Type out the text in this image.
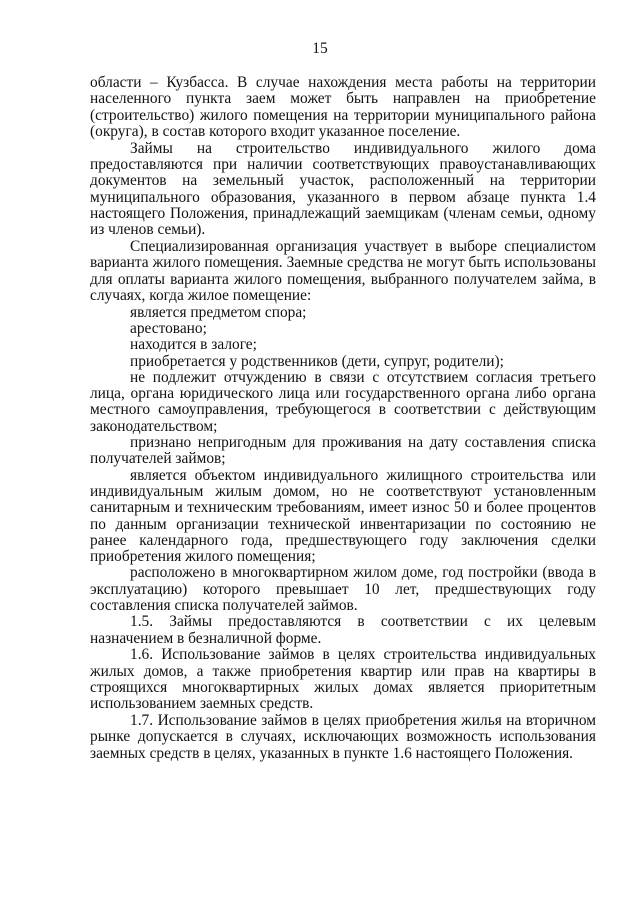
15

области – Кузбасса. В случае нахождения места работы на территории населенного пункта заем может быть направлен на приобретение (строительство) жилого помещения на территории муниципального района (округа), в состав которого входит указанное поселение.

Займы на строительство индивидуального жилого дома предоставляются при наличии соответствующих правоустанавливающих документов на земельный участок, расположенный на территории муниципального образования, указанного в первом абзаце пункта 1.4 настоящего Положения, принадлежащий заемщикам (членам семьи, одному из членов семьи).

Специализированная организация участвует в выборе специалистом варианта жилого помещения. Заемные средства не могут быть использованы для оплаты варианта жилого помещения, выбранного получателем займа, в случаях, когда жилое помещение:

является предметом спора;

арестовано;

находится в залоге;

приобретается у родственников (дети, супруг, родители);

не подлежит отчуждению в связи с отсутствием согласия третьего лица, органа юридического лица или государственного органа либо органа местного самоуправления, требующегося в соответствии с действующим законодательством;

признано непригодным для проживания на дату составления списка получателей займов;

является объектом индивидуального жилищного строительства или индивидуальным жилым домом, но не соответствуют установленным санитарным и техническим требованиям, имеет износ 50 и более процентов по данным организации технической инвентаризации по состоянию не ранее календарного года, предшествующего году заключения сделки приобретения жилого помещения;

расположено в многоквартирном жилом доме, год постройки (ввода в эксплуатацию) которого превышает 10 лет, предшествующих году составления списка получателей займов.

1.5. Займы предоставляются в соответствии с их целевым назначением в безналичной форме.

1.6. Использование займов в целях строительства индивидуальных жилых домов, а также приобретения квартир или прав на квартиры в строящихся многоквартирных жилых домах является приоритетным использованием заемных средств.

1.7. Использование займов в целях приобретения жилья на вторичном рынке допускается в случаях, исключающих возможность использования заемных средств в целях, указанных в пункте 1.6 настоящего Положения.
